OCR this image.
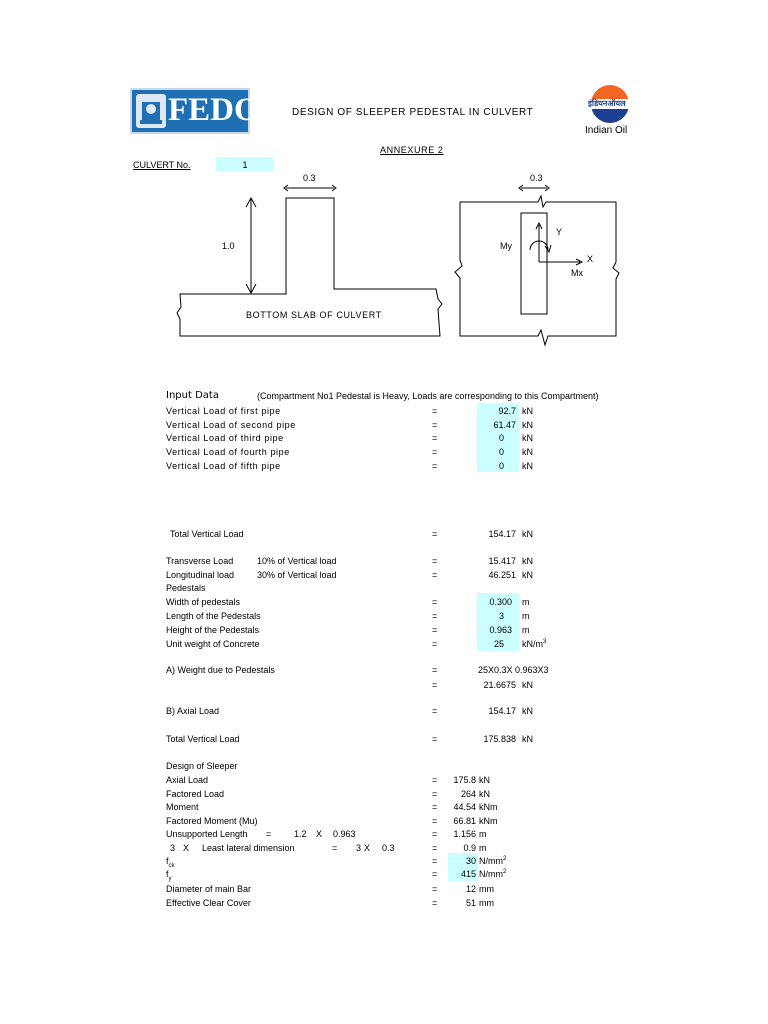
FEDO	DESIGN OF SLEEPER PEDESTAL IN CULVERT
इंडियनऑयल
Indian Oil
ANNEXURE 2
CULVERT No.	1
0.3
1.0
BOTTOM SLAB OF CULVERT
0.3
Y
X
My
Mx
Input Data	(Compartment No1 Pedestal is Heavy, Loads are corresponding to this Compartment)
Vertical Load of first pipe	=	92.7 kN
Vertical Load of second pipe	=	61.47 kN
Vertical Load of third pipe	=	0 kN
Vertical Load of fourth pipe	=	0 kN
Vertical Load of fifth pipe	=	0 kN
Total Vertical Load	=	154.17 kN
Transverse Load	10% of Vertical load	=	15.417 kN
Longitudinal load	30% of Vertical load	=	46.251 kN
Pedestals
Width of pedestals	=	0.300 m
Length of the Pedestals	=	3 m
Height of the Pedestals	=	0.963 m
Unit weight of Concrete	=	25 $kN/m^3$
A) Weight due to Pedestals	=	25X0.3X 0.963X3
=	21.6675 kN
B) Axial Load	=	154.17 kN
Total Vertical Load	=	175.838 kN
Design of Sleeper
Axial Load	=	175.8 kN
Factored Load	=	264 kN
Moment	=	44.54 kNm
Factored Moment (Mu)	=	66.81 kNm
Unsupported Length =	1.2 X 0.963	=	1.156 m
3 X Least lateral dimension	= 3 X 0.3	=	0.9 m
$f_{ck}$	=	30 $N/mm^2$
$f_y$	=	415 $N/mm^2$
Diameter of main Bar	=	12 mm
Effective Clear Cover	=	51 mm
